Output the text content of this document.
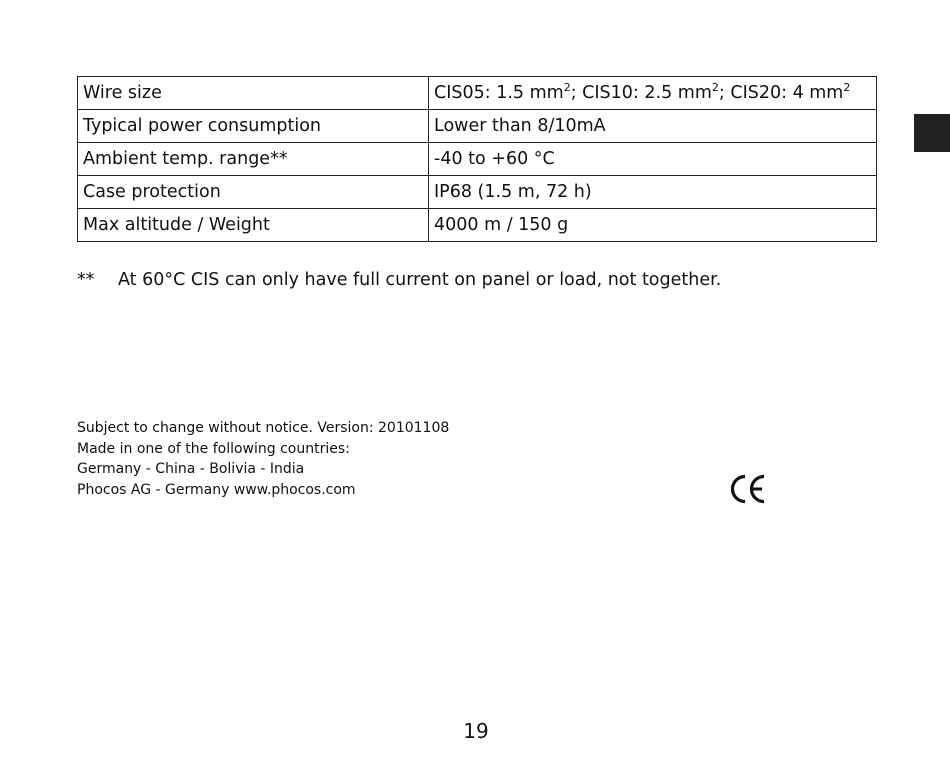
Wire size	CIS05: 1.5 $mm^2$; CIS10: 2.5 $mm^2$; CIS20: 4 $mm^2$
Typical power consumption	Lower than 8/10mA
Ambient temp. range**	-40 to +60 °C
Case protection	IP68 (1.5 m, 72 h)
Max altitude / Weight	4000 m / 150 g
** At 60°C CIS can only have full current on panel or load, not together.
Subject to change without notice. Version: 20101108
Made in one of the following countries:
Germany - China - Bolivia - India
Phocos AG - Germany www.phocos.com
19
